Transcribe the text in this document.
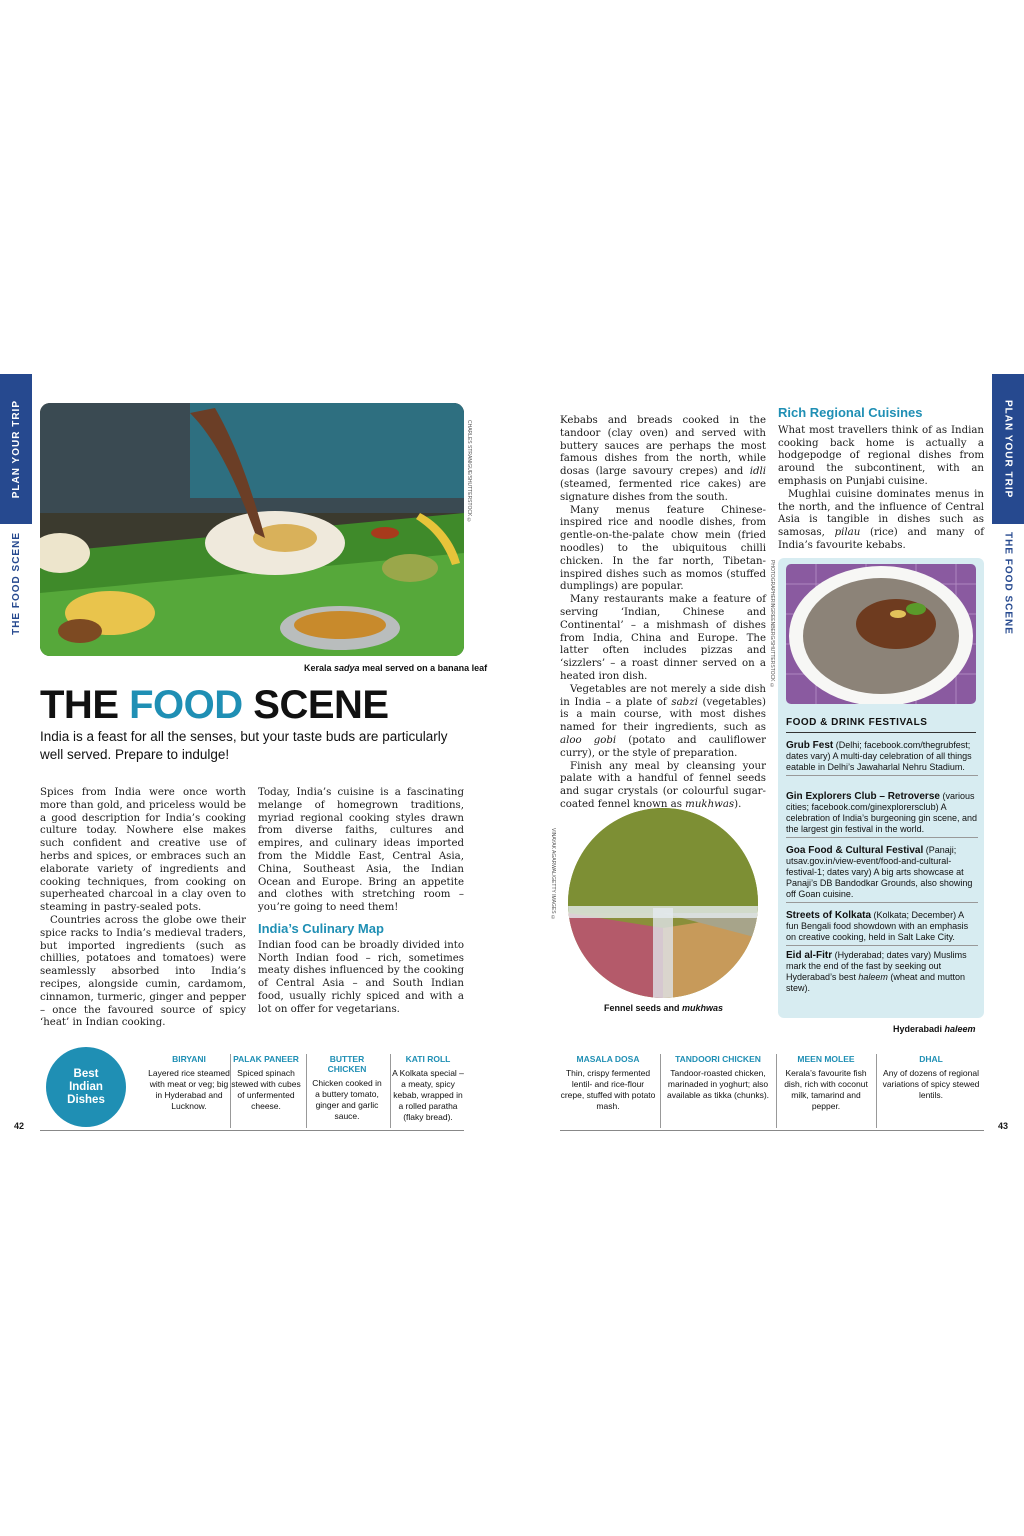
PLAN YOUR TRIP
THE FOOD SCENE
PLAN YOUR TRIP
THE FOOD SCENE
CHARLES STRANIGUE/SHUTTERSTOCK ©
Kerala sadya meal served on a banana leaf
THE FOOD SCENE
India is a feast for all the senses, but your taste buds are particularly well served. Prepare to indulge!

Spices from India were once worth more than gold, and priceless would be a good description for India’s cooking culture today. Nowhere else makes such confident and creative use of herbs and spices, or embraces such an elaborate variety of ingredients and cooking techniques, from cooking on superheated charcoal in a clay oven to steaming in pastry-sealed pots.

Countries across the globe owe their spice racks to India’s medieval traders, but imported ingredients (such as chillies, potatoes and tomatoes) were seamlessly absorbed into India’s recipes, alongside cumin, cardamom, cinnamon, turmeric, ginger and pepper – once the favoured source of spicy ‘heat’ in Indian cooking.

Today, India’s cuisine is a fascinating melange of homegrown traditions, myriad regional cooking styles drawn from diverse faiths, cultures and empires, and culinary ideas imported from the Middle East, Central Asia, China, Southeast Asia, the Indian Ocean and Europe. Bring an appetite and clothes with stretching room – you’re going to need them!

India’s Culinary Map

Indian food can be broadly divided into North Indian food – rich, sometimes meaty dishes influenced by the cooking of Central Asia – and South Indian food, usually richly spiced and with a lot on offer for vegetarians.

Kebabs and breads cooked in the tandoor (clay oven) and served with buttery sauces are perhaps the most famous dishes from the north, while dosas (large savoury crepes) and idli (steamed, fermented rice cakes) are signature dishes from the south.

Many menus feature Chinese-inspired rice and noodle dishes, from gentle-on-the-palate chow mein (fried noodles) to the ubiquitous chilli chicken. In the far north, Tibetan-inspired dishes such as momos (stuffed dumplings) are popular.

Many restaurants make a feature of serving ‘Indian, Chinese and Continental’ – a mishmash of dishes from India, China and Europe. The latter often includes pizzas and ‘sizzlers’ – a roast dinner served on a heated iron dish.

Vegetables are not merely a side dish in India – a plate of sabzi (vegetables) is a main course, with most dishes named for their ingredients, such as aloo gobi (potato and cauliflower curry), or the style of preparation.

Finish any meal by cleansing your palate with a handful of fennel seeds and sugar crystals (or colourful sugar-coated fennel known as mukhwas).

PHOTOGRAPHERINGREENBERG/SHUTTERSTOCK ©
VINAYAK AGARWAL/GETTY IMAGES ©
Fennel seeds and mukhwas
Rich Regional Cuisines

What most travellers think of as Indian cooking back home is actually a hodgepodge of regional dishes from around the subcontinent, with an emphasis on Punjabi cuisine.

Mughlai cuisine dominates menus in the north, and the influence of Central Asia is tangible in dishes such as samosas, pilau (rice) and many of India’s favourite kebabs.

FOOD & DRINK FESTIVALS
Grub Fest (Delhi; facebook.com/thegrubfest; dates vary) A multi-day celebration of all things eatable in Delhi’s Jawaharlal Nehru Stadium.
Gin Explorers Club – Retroverse (various cities; facebook.com/ginexplorersclub) A celebration of India’s burgeoning gin scene, and the largest gin festival in the world.
Goa Food & Cultural Festival (Panaji; utsav.gov.in/view-event/food-and-cultural-festival-1; dates vary) A big arts showcase at Panaji’s DB Bandodkar Grounds, also showing off Goan cuisine.
Streets of Kolkata (Kolkata; December) A fun Bengali food showdown with an emphasis on creative cooking, held in Salt Lake City.
Eid al-Fitr (Hyderabad; dates vary) Muslims mark the end of the fast by seeking out Hyderabad’s best haleem (wheat and mutton stew).
Hyderabadi haleem
Best
Indian
Dishes
BIRYANI
Layered rice steamed with meat or veg; big in Hyderabad and Lucknow.
PALAK PANEER
Spiced spinach stewed with cubes of unfermented cheese.
BUTTER CHICKEN
Chicken cooked in a buttery tomato, ginger and garlic sauce.
KATI ROLL
A Kolkata special – a meaty, spicy kebab, wrapped in a rolled paratha (flaky bread).
MASALA DOSA
Thin, crispy fermented lentil- and rice-flour crepe, stuffed with potato mash.
TANDOORI CHICKEN
Tandoor-roasted chicken, marinaded in yoghurt; also available as tikka (chunks).
MEEN MOLEE
Kerala’s favourite fish dish, rich with coconut milk, tamarind and pepper.
DHAL
Any of dozens of regional variations of spicy stewed lentils.
42	43
